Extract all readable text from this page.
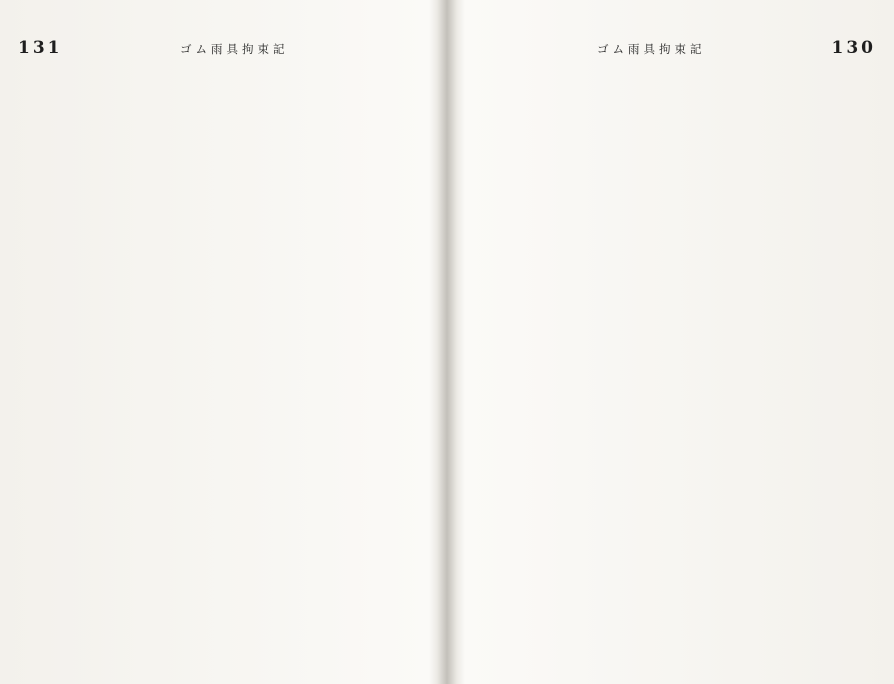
131	ゴム雨具拘束記	130
ゴム雨具拘束記
